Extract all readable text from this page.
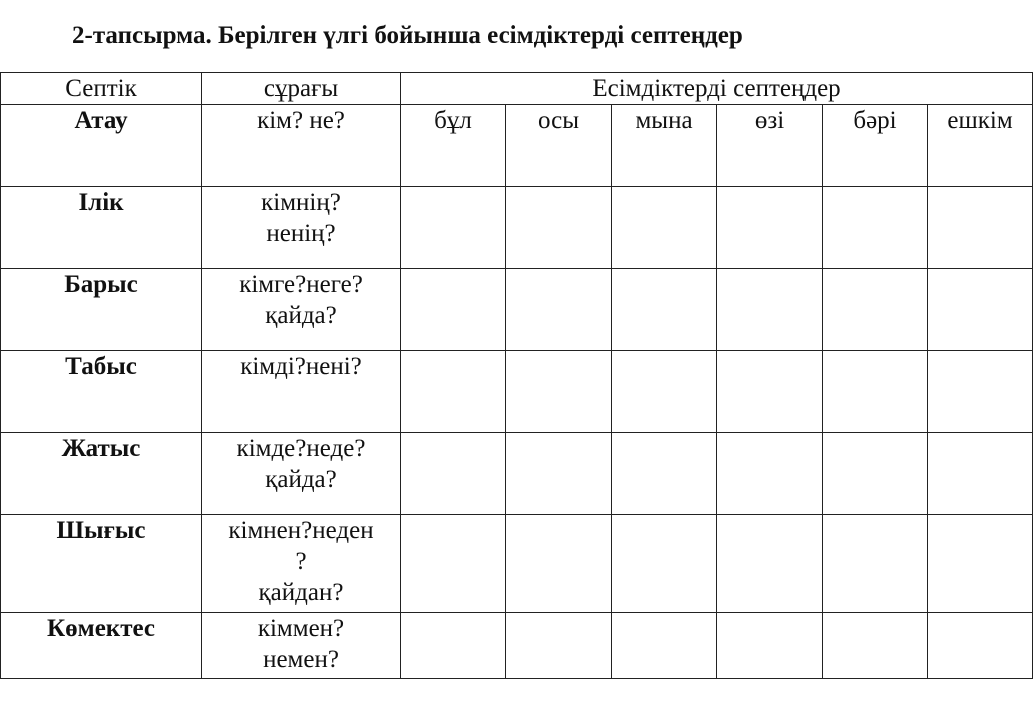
2-тапсырма. Берілген үлгі бойынша есімдіктерді септеңдер
Септік	сұрағы	Есімдіктерді септеңдер					
Атау	кім? не?	бұл	осы	мына	өзі	бәрі	ешкім
Ілік	кімнің?
ненің?						

Барыс	кімге?неге?
қайда?						

Табыс	кімді?нені?						

Жатыс	кімде?неде?
қайда?						

Шығыс	кімнен?неден
?
қайдан?						

Көмектес	кіммен?
немен?						
